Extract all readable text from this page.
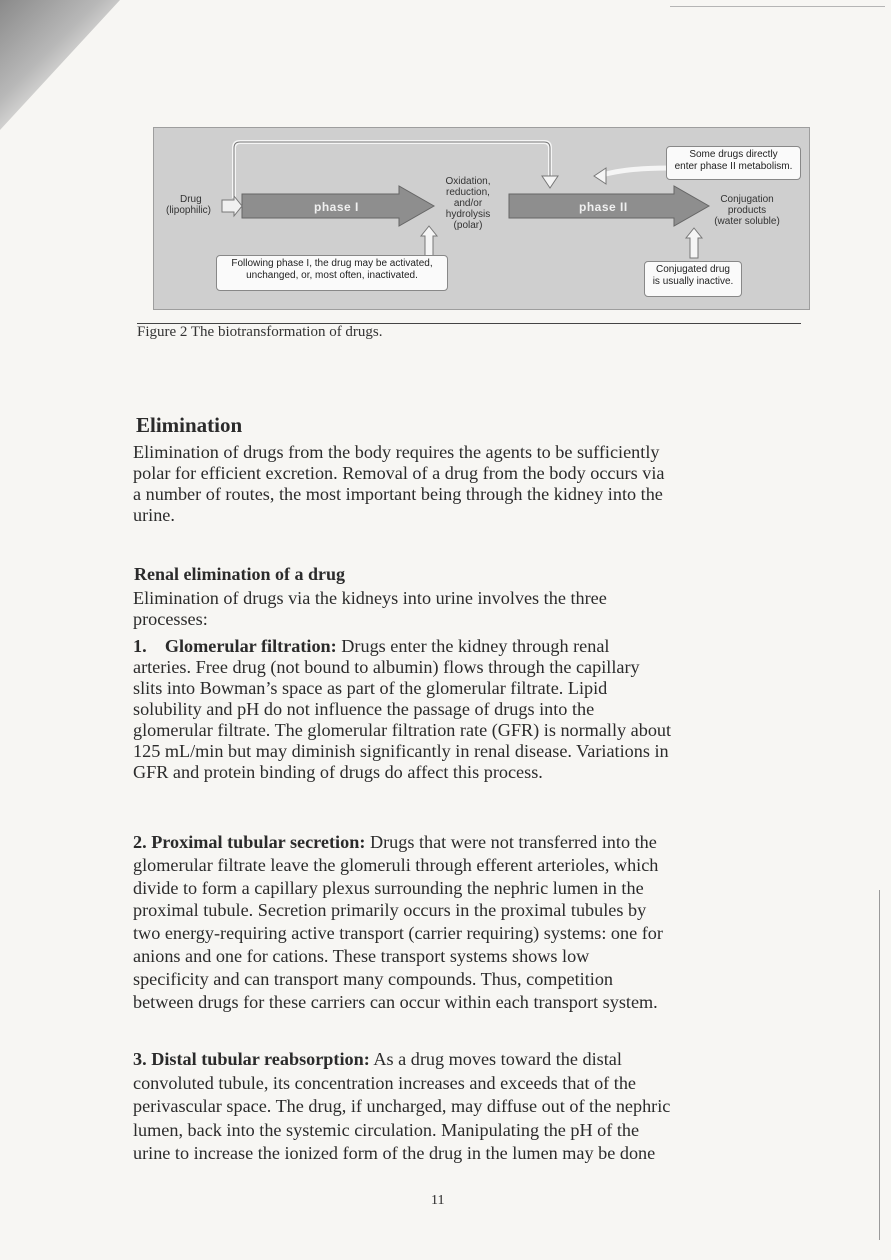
Drug
(lipophilic)	phase I	phase II
Oxidation,
reduction,
and/or
hydrolysis
(polar)
Conjugation
products
(water soluble)
Some drugs directly
enter phase II metabolism.
Following phase I, the drug may be activated,
unchanged, or, most often, inactivated.
Conjugated drug
is usually inactive.
Figure 2 The biotransformation of drugs.
Elimination
Elimination of drugs from the body requires the agents to be sufficiently
polar for efficient excretion. Removal of a drug from the body occurs via
a number of routes, the most important being through the kidney into the
urine.
Renal elimination of a drug
Elimination of drugs via the kidneys into urine involves the three
processes:
1.    Glomerular filtration: Drugs enter the kidney through renal
arteries. Free drug (not bound to albumin) flows through the capillary
slits into Bowman’s space as part of the glomerular filtrate. Lipid
solubility and pH do not influence the passage of drugs into the
glomerular filtrate. The glomerular filtration rate (GFR) is normally about
125 mL/min but may diminish significantly in renal disease. Variations in
GFR and protein binding of drugs do affect this process.
2. Proximal tubular secretion: Drugs that were not transferred into the
glomerular filtrate leave the glomeruli through efferent arterioles, which
divide to form a capillary plexus surrounding the nephric lumen in the
proximal tubule. Secretion primarily occurs in the proximal tubules by
two energy-requiring active transport (carrier requiring) systems: one for
anions and one for cations. These transport systems shows low
specificity and can transport many compounds. Thus, competition
between drugs for these carriers can occur within each transport system.
3. Distal tubular reabsorption: As a drug moves toward the distal
convoluted tubule, its concentration increases and exceeds that of the
perivascular space. The drug, if uncharged, may diffuse out of the nephric
lumen, back into the systemic circulation. Manipulating the pH of the
urine to increase the ionized form of the drug in the lumen may be done
11
